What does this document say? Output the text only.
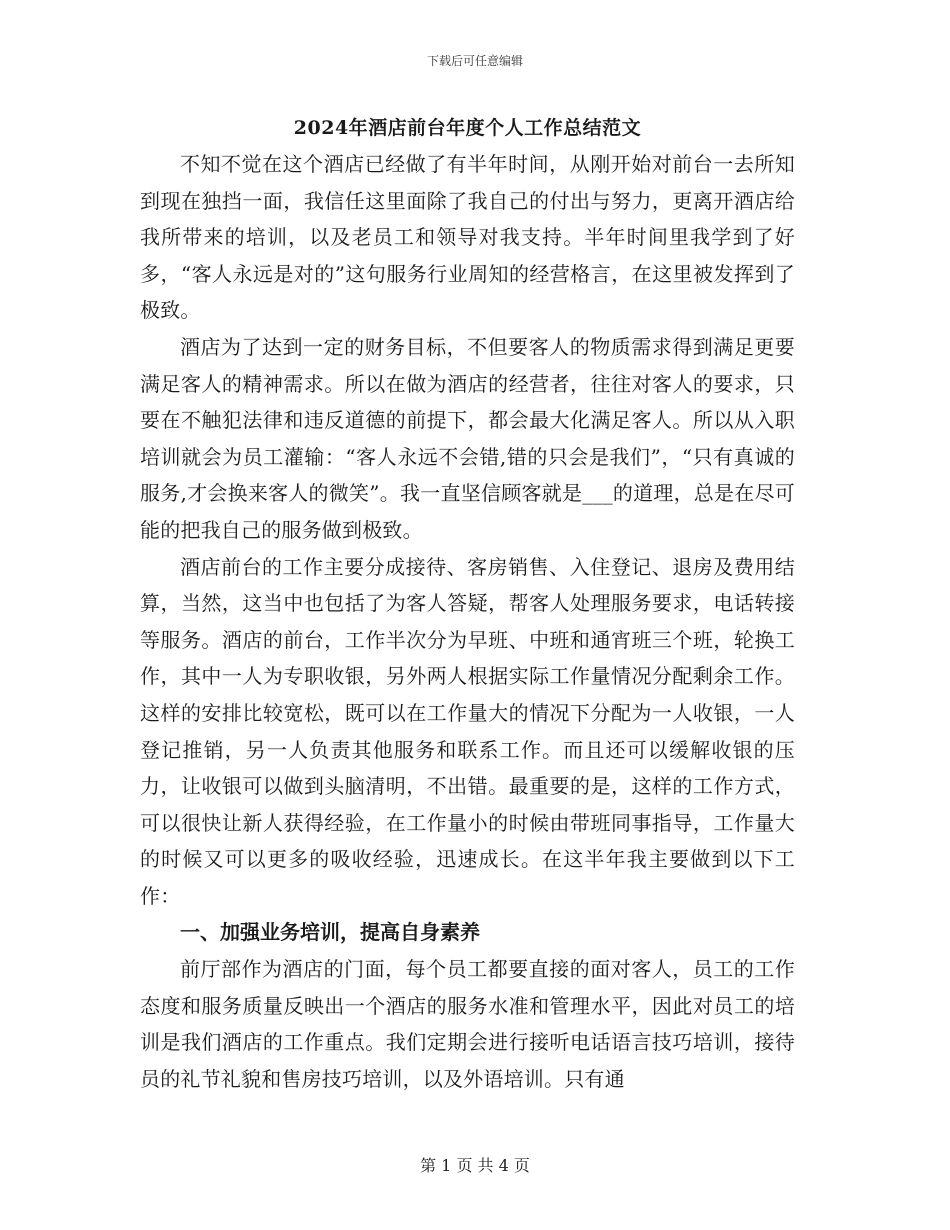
下载后可任意编辑
2024年酒店前台年度个人工作总结范文

不知不觉在这个酒店已经做了有半年时间，从刚开始对前台一去所知到现在独挡一面，我信任这里面除了我自己的付出与努力，更离开酒店给我所带来的培训，以及老员工和领导对我支持。半年时间里我学到了好多，“客人永远是对的”这句服务行业周知的经营格言，在这里被发挥到了极致。

酒店为了达到一定的财务目标，不但要客人的物质需求得到满足更要满足客人的精神需求。所以在做为酒店的经营者，往往对客人的要求，只要在不触犯法律和违反道德的前提下，都会最大化满足客人。所以从入职培训就会为员工灌输：“客人永远不会错,错的只会是我们”，“只有真诚的服务,才会换来客人的微笑”。我一直坚信顾客就是___的道理，总是在尽可能的把我自己的服务做到极致。

酒店前台的工作主要分成接待、客房销售、入住登记、退房及费用结算，当然，这当中也包括了为客人答疑，帮客人处理服务要求，电话转接等服务。酒店的前台，工作半次分为早班、中班和通宵班三个班，轮换工作，其中一人为专职收银，另外两人根据实际工作量情况分配剩余工作。这样的安排比较宽松，既可以在工作量大的情况下分配为一人收银，一人登记推销，另一人负责其他服务和联系工作。而且还可以缓解收银的压力，让收银可以做到头脑清明，不出错。最重要的是，这样的工作方式，可以很快让新人获得经验，在工作量小的时候由带班同事指导，工作量大的时候又可以更多的吸收经验，迅速成长。在这半年我主要做到以下工作：

一、加强业务培训，提高自身素养

前厅部作为酒店的门面，每个员工都要直接的面对客人，员工的工作态度和服务质量反映出一个酒店的服务水准和管理水平，因此对员工的培训是我们酒店的工作重点。我们定期会进行接听电话语言技巧培训，接待员的礼节礼貌和售房技巧培训，以及外语培训。只有通

第 1 页 共 4 页
